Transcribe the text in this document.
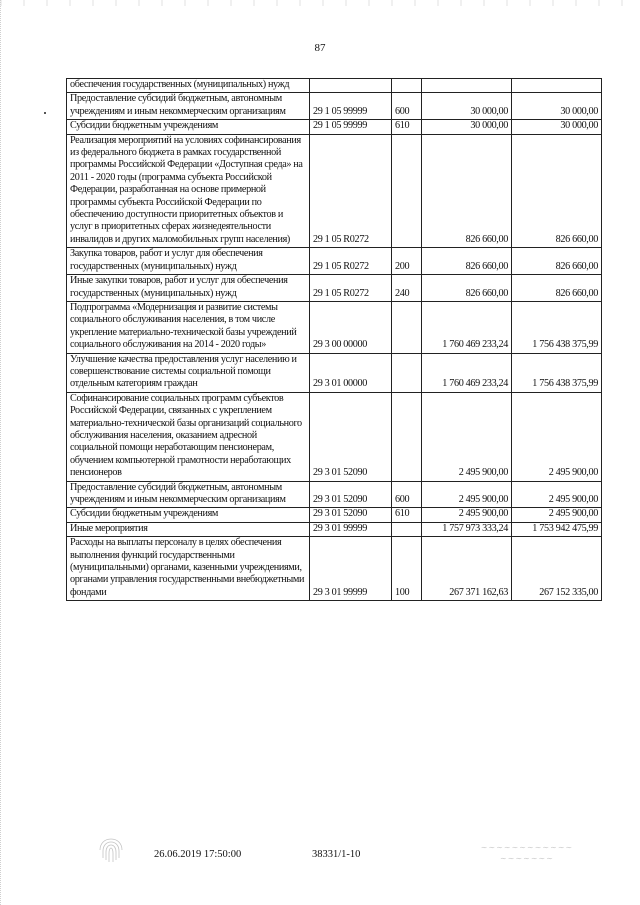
87
обеспечения государственных (муниципальных) нужд				
Предоставление субсидий бюджетным, автономным учреждениям и иным некоммерческим организациям	29 1 05 99999	600	30 000,00	30 000,00
Субсидии бюджетным учреждениям	29 1 05 99999	610	30 000,00	30 000,00
Реализация мероприятий на условиях софинансирования из федерального бюджета в рамках государственной программы Российской Федерации «Доступная среда» на 2011 - 2020 годы (программа субъекта Российской Федерации, разработанная на основе примерной программы субъекта Российской Федерации по обеспечению доступности приоритетных объектов и услуг в приоритетных сферах жизнедеятельности инвалидов и других маломобильных групп населения)	29 1 05 R0272		826 660,00	826 660,00
Закупка товаров, работ и услуг для обеспечения государственных (муниципальных) нужд	29 1 05 R0272	200	826 660,00	826 660,00
Иные закупки товаров, работ и услуг для обеспечения государственных (муниципальных) нужд	29 1 05 R0272	240	826 660,00	826 660,00
Подпрограмма «Модернизация и развитие системы социального обслуживания населения, в том числе укрепление материально-технической базы учреждений социального обслуживания на 2014 - 2020 годы»	29 3 00 00000		1 760 469 233,24	1 756 438 375,99
Улучшение качества предоставления услуг населению и совершенствование системы социальной помощи отдельным категориям граждан	29 3 01 00000		1 760 469 233,24	1 756 438 375,99
Софинансирование социальных программ субъектов Российской Федерации, связанных с укреплением материально-технической базы организаций социального обслуживания населения, оказанием адресной социальной помощи неработающим пенсионерам, обучением компьютерной грамотности неработающих пенсионеров	29 3 01 52090		2 495 900,00	2 495 900,00
Предоставление субсидий бюджетным, автономным учреждениям и иным некоммерческим организациям	29 3 01 52090	600	2 495 900,00	2 495 900,00
Субсидии бюджетным учреждениям	29 3 01 52090	610	2 495 900,00	2 495 900,00
Иные мероприятия	29 3 01 99999		1 757 973 333,24	1 753 942 475,99
Расходы на выплаты персоналу в целях обеспечения выполнения функций государственными (муниципальными) органами, казенными учреждениями, органами управления государственными внебюджетными фондами	29 3 01 99999	100	267 371 162,63	267 152 335,00
26.06.2019 17:50:00	38331/1-10
∼∼∼∼∼∼∼∼∼∼∼∼
∼∼∼∼∼∼∼
